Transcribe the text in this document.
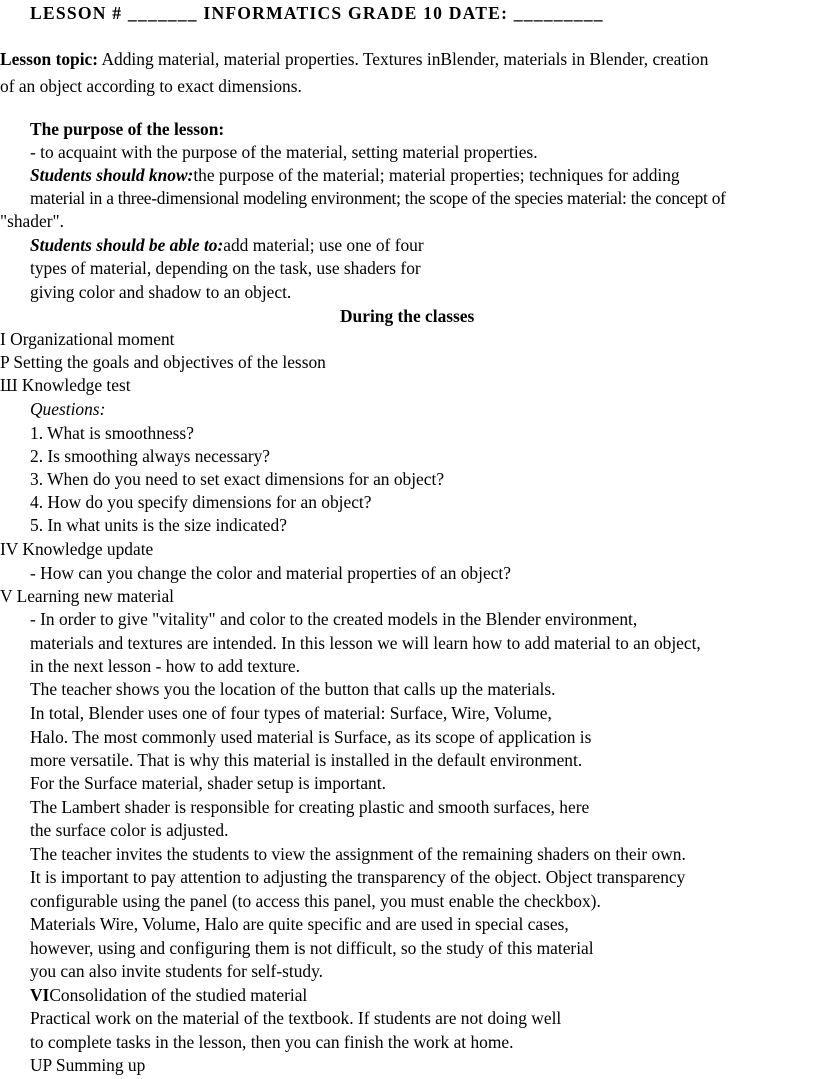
LESSON # _______ INFORMATICS GRADE 10 DATE: _________
Lesson topic: Adding material, material properties. Textures inBlender, materials in Blender, creation
of an object according to exact dimensions.
The purpose of the lesson:
- to acquaint with the purpose of the material, setting material properties.
Students should know:the purpose of the material; material properties; techniques for adding
material in a three-dimensional modeling environment; the scope of the species material: the concept of
"shader".
Students should be able to:add material; use one of four
types of material, depending on the task, use shaders for
giving color and shadow to an object.
During the classes
I Organizational moment
P Setting the goals and objectives of the lesson
Ш Knowledge test
Questions:
1. What is smoothness?
2. Is smoothing always necessary?
3. When do you need to set exact dimensions for an object?
4. How do you specify dimensions for an object?
5. In what units is the size indicated?
IV Knowledge update
- How can you change the color and material properties of an object?
V Learning new material
- In order to give "vitality" and color to the created models in the Blender environment,
materials and textures are intended. In this lesson we will learn how to add material to an object,
in the next lesson - how to add texture.
The teacher shows you the location of the button that calls up the materials.
In total, Blender uses one of four types of material: Surface, Wire, Volume,
Halo. The most commonly used material is Surface, as its scope of application is
more versatile. That is why this material is installed in the default environment.
For the Surface material, shader setup is important.
The Lambert shader is responsible for creating plastic and smooth surfaces, here
the surface color is adjusted.
The teacher invites the students to view the assignment of the remaining shaders on their own.
It is important to pay attention to adjusting the transparency of the object. Object transparency
configurable using the panel (to access this panel, you must enable the checkbox).
Materials Wire, Volume, Halo are quite specific and are used in special cases,
however, using and configuring them is not difficult, so the study of this material
you can also invite students for self-study.
VIConsolidation of the studied material
Practical work on the material of the textbook. If students are not doing well
to complete tasks in the lesson, then you can finish the work at home.
UP Summing up
